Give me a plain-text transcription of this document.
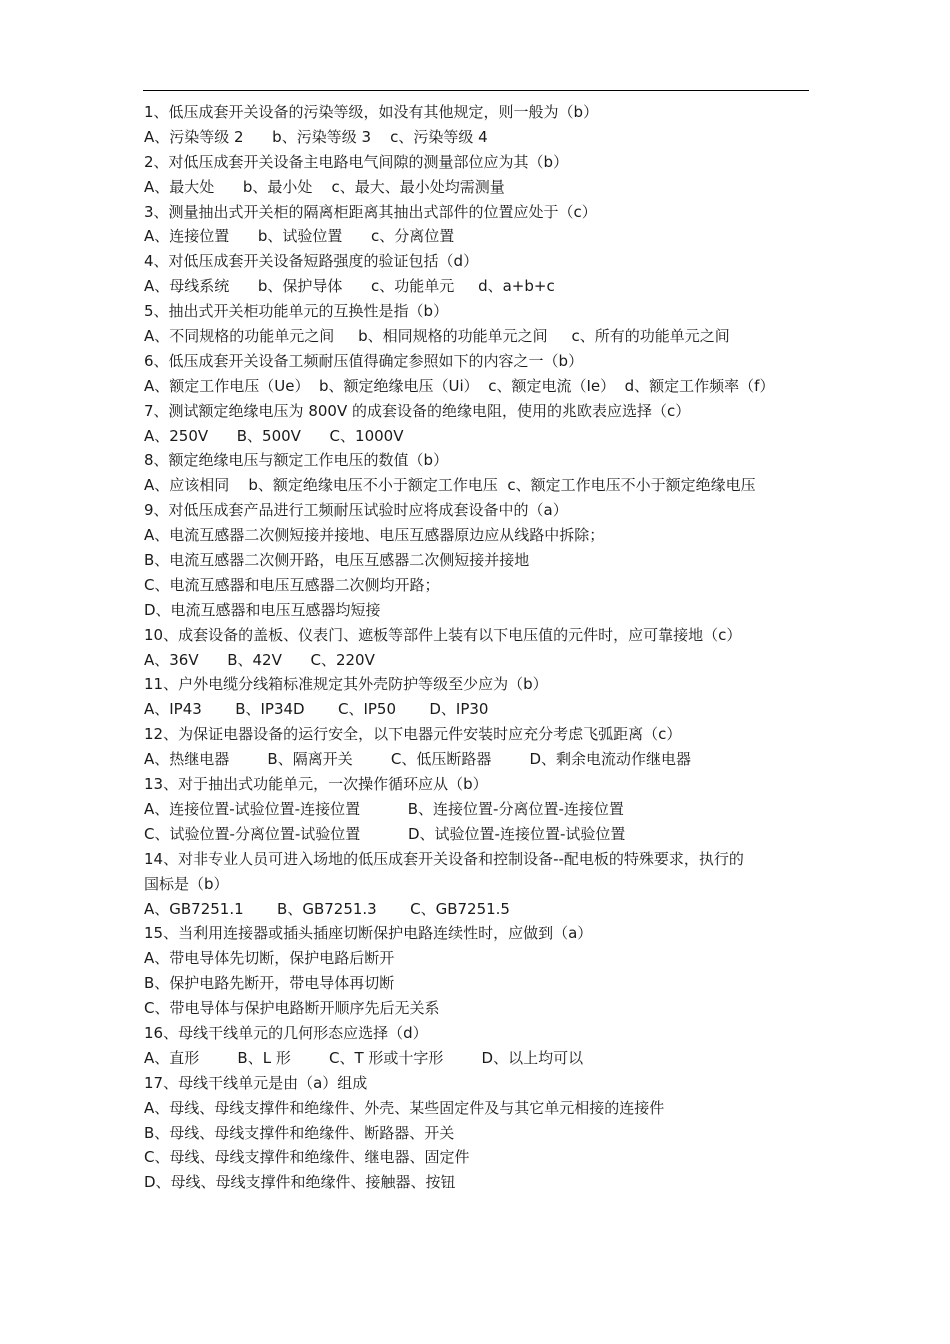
1、低压成套开关设备的污染等级，如没有其他规定，则一般为（b）
A、污染等级 2      b、污染等级 3    c、污染等级 4
2、对低压成套开关设备主电路电气间隙的测量部位应为其（b）
A、最大处      b、最小处    c、最大、最小处均需测量
3、测量抽出式开关柜的隔离柜距离其抽出式部件的位置应处于（c）
A、连接位置      b、试验位置      c、分离位置
4、对低压成套开关设备短路强度的验证包括（d）
A、母线系统      b、保护导体      c、功能单元     d、a+b+c
5、抽出式开关柜功能单元的互换性是指（b）
A、不同规格的功能单元之间     b、相同规格的功能单元之间     c、所有的功能单元之间
6、低压成套开关设备工频耐压值得确定参照如下的内容之一（b）
A、额定工作电压（Ue）  b、额定绝缘电压（Ui）  c、额定电流（Ie）  d、额定工作频率（f）
7、测试额定绝缘电压为 800V 的成套设备的绝缘电阻，使用的兆欧表应选择（c）
A、250V      B、500V      C、1000V
8、额定绝缘电压与额定工作电压的数值（b）
A、应该相同    b、额定绝缘电压不小于额定工作电压  c、额定工作电压不小于额定绝缘电压
9、对低压成套产品进行工频耐压试验时应将成套设备中的（a）
A、电流互感器二次侧短接并接地、电压互感器原边应从线路中拆除；
B、电流互感器二次侧开路，电压互感器二次侧短接并接地
C、电流互感器和电压互感器二次侧均开路；
D、电流互感器和电压互感器均短接
10、成套设备的盖板、仪表门、遮板等部件上装有以下电压值的元件时，应可靠接地（c）
A、36V      B、42V      C、220V
11、户外电缆分线箱标准规定其外壳防护等级至少应为（b）
A、IP43       B、IP34D       C、IP50       D、IP30
12、为保证电器设备的运行安全，以下电器元件安装时应充分考虑飞弧距离（c）
A、热继电器        B、隔离开关        C、低压断路器        D、剩余电流动作继电器
13、对于抽出式功能单元，一次操作循环应从（b）
A、连接位置-试验位置-连接位置          B、连接位置-分离位置-连接位置
C、试验位置-分离位置-试验位置          D、试验位置-连接位置-试验位置
14、对非专业人员可进入场地的低压成套开关设备和控制设备--配电板的特殊要求，执行的
国标是（b）
A、GB7251.1       B、GB7251.3       C、GB7251.5
15、当利用连接器或插头插座切断保护电路连续性时，应做到（a）
A、带电导体先切断，保护电路后断开
B、保护电路先断开，带电导体再切断
C、带电导体与保护电路断开顺序先后无关系
16、母线干线单元的几何形态应选择（d）
A、直形        B、L 形        C、T 形或十字形        D、以上均可以
17、母线干线单元是由（a）组成
A、母线、母线支撑件和绝缘件、外壳、某些固定件及与其它单元相接的连接件
B、母线、母线支撑件和绝缘件、断路器、开关
C、母线、母线支撑件和绝缘件、继电器、固定件
D、母线、母线支撑件和绝缘件、接触器、按钮
